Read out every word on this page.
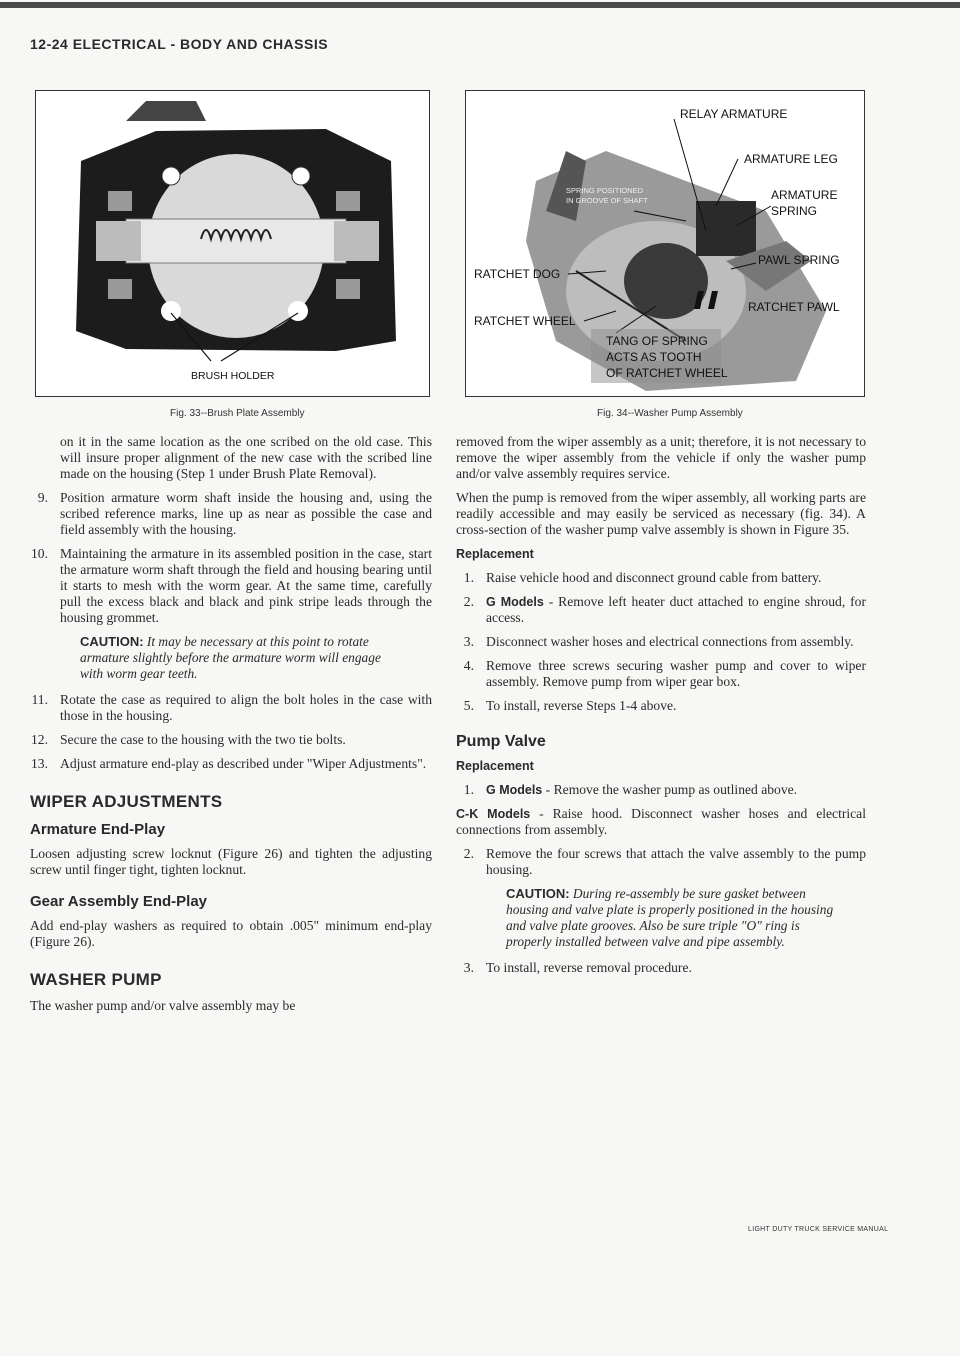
12-24 ELECTRICAL - BODY AND CHASSIS
BRUSH HOLDER
Fig. 33--Brush Plate Assembly
RELAY ARMATURE
ARMATURE LEG
SPRING POSITIONED
IN GROOVE OF SHAFT	ARMATURE
SPRING
RATCHET DOG
PAWL SPRING
RATCHET WHEEL
RATCHET PAWL
TANG OF SPRING
ACTS AS TOOTH
OF RATCHET WHEEL
Fig. 34--Washer Pump Assembly

on it in the same location as the one scribed on the old case. This will insure proper alignment of the new case with the scribed line made on the housing (Step 1 under Brush Plate Removal).

9. Position armature worm shaft inside the housing and, using the scribed reference marks, line up as near as possible the case and field assembly with the housing.
10. Maintaining the armature in its assembled position in the case, start the armature worm shaft through the field and housing bearing until it starts to mesh with the worm gear. At the same time, carefully pull the excess black and black and pink stripe leads through the housing grommet.
CAUTION: It may be necessary at this point to rotate armature slightly before the armature worm will engage with worm gear teeth.
11. Rotate the case as required to align the bolt holes in the case with those in the housing.
12. Secure the case to the housing with the two tie bolts.
13. Adjust armature end-play as described under "Wiper Adjustments".
WIPER ADJUSTMENTS
Armature End-Play

Loosen adjusting screw locknut (Figure 26) and tighten the adjusting screw until finger tight, tighten locknut.

Gear Assembly End-Play

Add end-play washers as required to obtain .005" minimum end-play (Figure 26).

WASHER PUMP

The washer pump and/or valve assembly may be

removed from the wiper assembly as a unit; therefore, it is not necessary to remove the wiper assembly from the vehicle if only the washer pump and/or valve assembly requires service.

When the pump is removed from the wiper assembly, all working parts are readily accessible and may easily be serviced as necessary (fig. 34). A cross-section of the washer pump valve assembly is shown in Figure 35.

Replacement
1. Raise vehicle hood and disconnect ground cable from battery.
2. G Models - Remove left heater duct attached to engine shroud, for access.
3. Disconnect washer hoses and electrical connections from assembly.
4. Remove three screws securing washer pump and cover to wiper assembly. Remove pump from wiper gear box.
5. To install, reverse Steps 1-4 above.
Pump Valve
Replacement
1. G Models - Remove the washer pump as outlined above.

C-K Models - Raise hood. Disconnect washer hoses and electrical connections from assembly.

2. Remove the four screws that attach the valve assembly to the pump housing.
CAUTION: During re-assembly be sure gasket between housing and valve plate is properly positioned in the housing and valve plate grooves. Also be sure triple "O" ring is properly installed between valve and pipe assembly.
3. To install, reverse removal procedure.
LIGHT DUTY TRUCK SERVICE MANUAL
